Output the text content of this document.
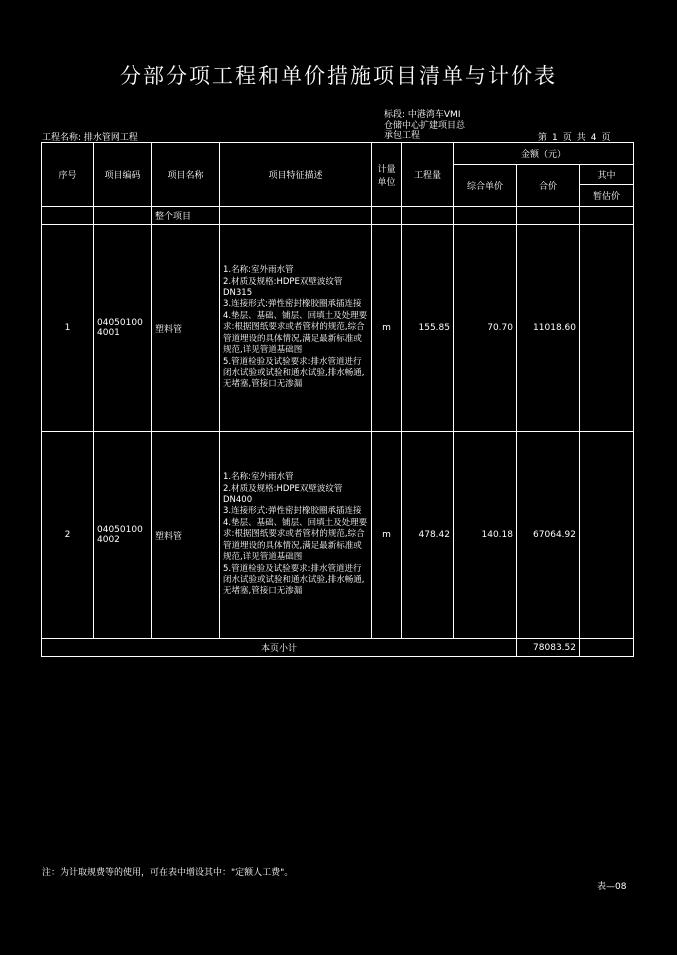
分部分项工程和单价措施项目清单与计价表
标段: 中港湾车VMI
仓储中心扩建项目总
承包工程
工程名称: 排水管网工程	第 1 页 共 4 页
序号	项目编码	项目名称	项目特征描述	计量单位	工程量	金额（元）		
						综合单价	合价	其中
								暂估价
		整个项目						
1	040501004001	塑料管	1.名称:室外雨水管
2.材质及规格:HDPE双壁波纹管DN315
3.连接形式:弹性密封橡胶圈承插连接
4.垫层、基础、铺层、回填土及处理要求:根据图纸要求或者管材的规范,综合管道埋设的具体情况,满足最新标准或规范,详见管道基础图
5.管道检验及试验要求:排水管道进行闭水试验或试验和通水试验,排水畅通,无堵塞,管接口无渗漏	m	155.85	70.70	11018.60	
2	040501004002	塑料管	1.名称:室外雨水管
2.材质及规格:HDPE双壁波纹管DN400
3.连接形式:弹性密封橡胶圈承插连接
4.垫层、基础、铺层、回填土及处理要求:根据图纸要求或者管材的规范,综合管道埋设的具体情况,满足最新标准或规范,详见管道基础图
5.管道检验及试验要求:排水管道进行闭水试验或试验和通水试验,排水畅通,无堵塞,管接口无渗漏	m	478.42	140.18	67064.92	
本页小计							78083.52	
注：为计取规费等的使用，可在表中增设其中："定额人工费"。
表—08
